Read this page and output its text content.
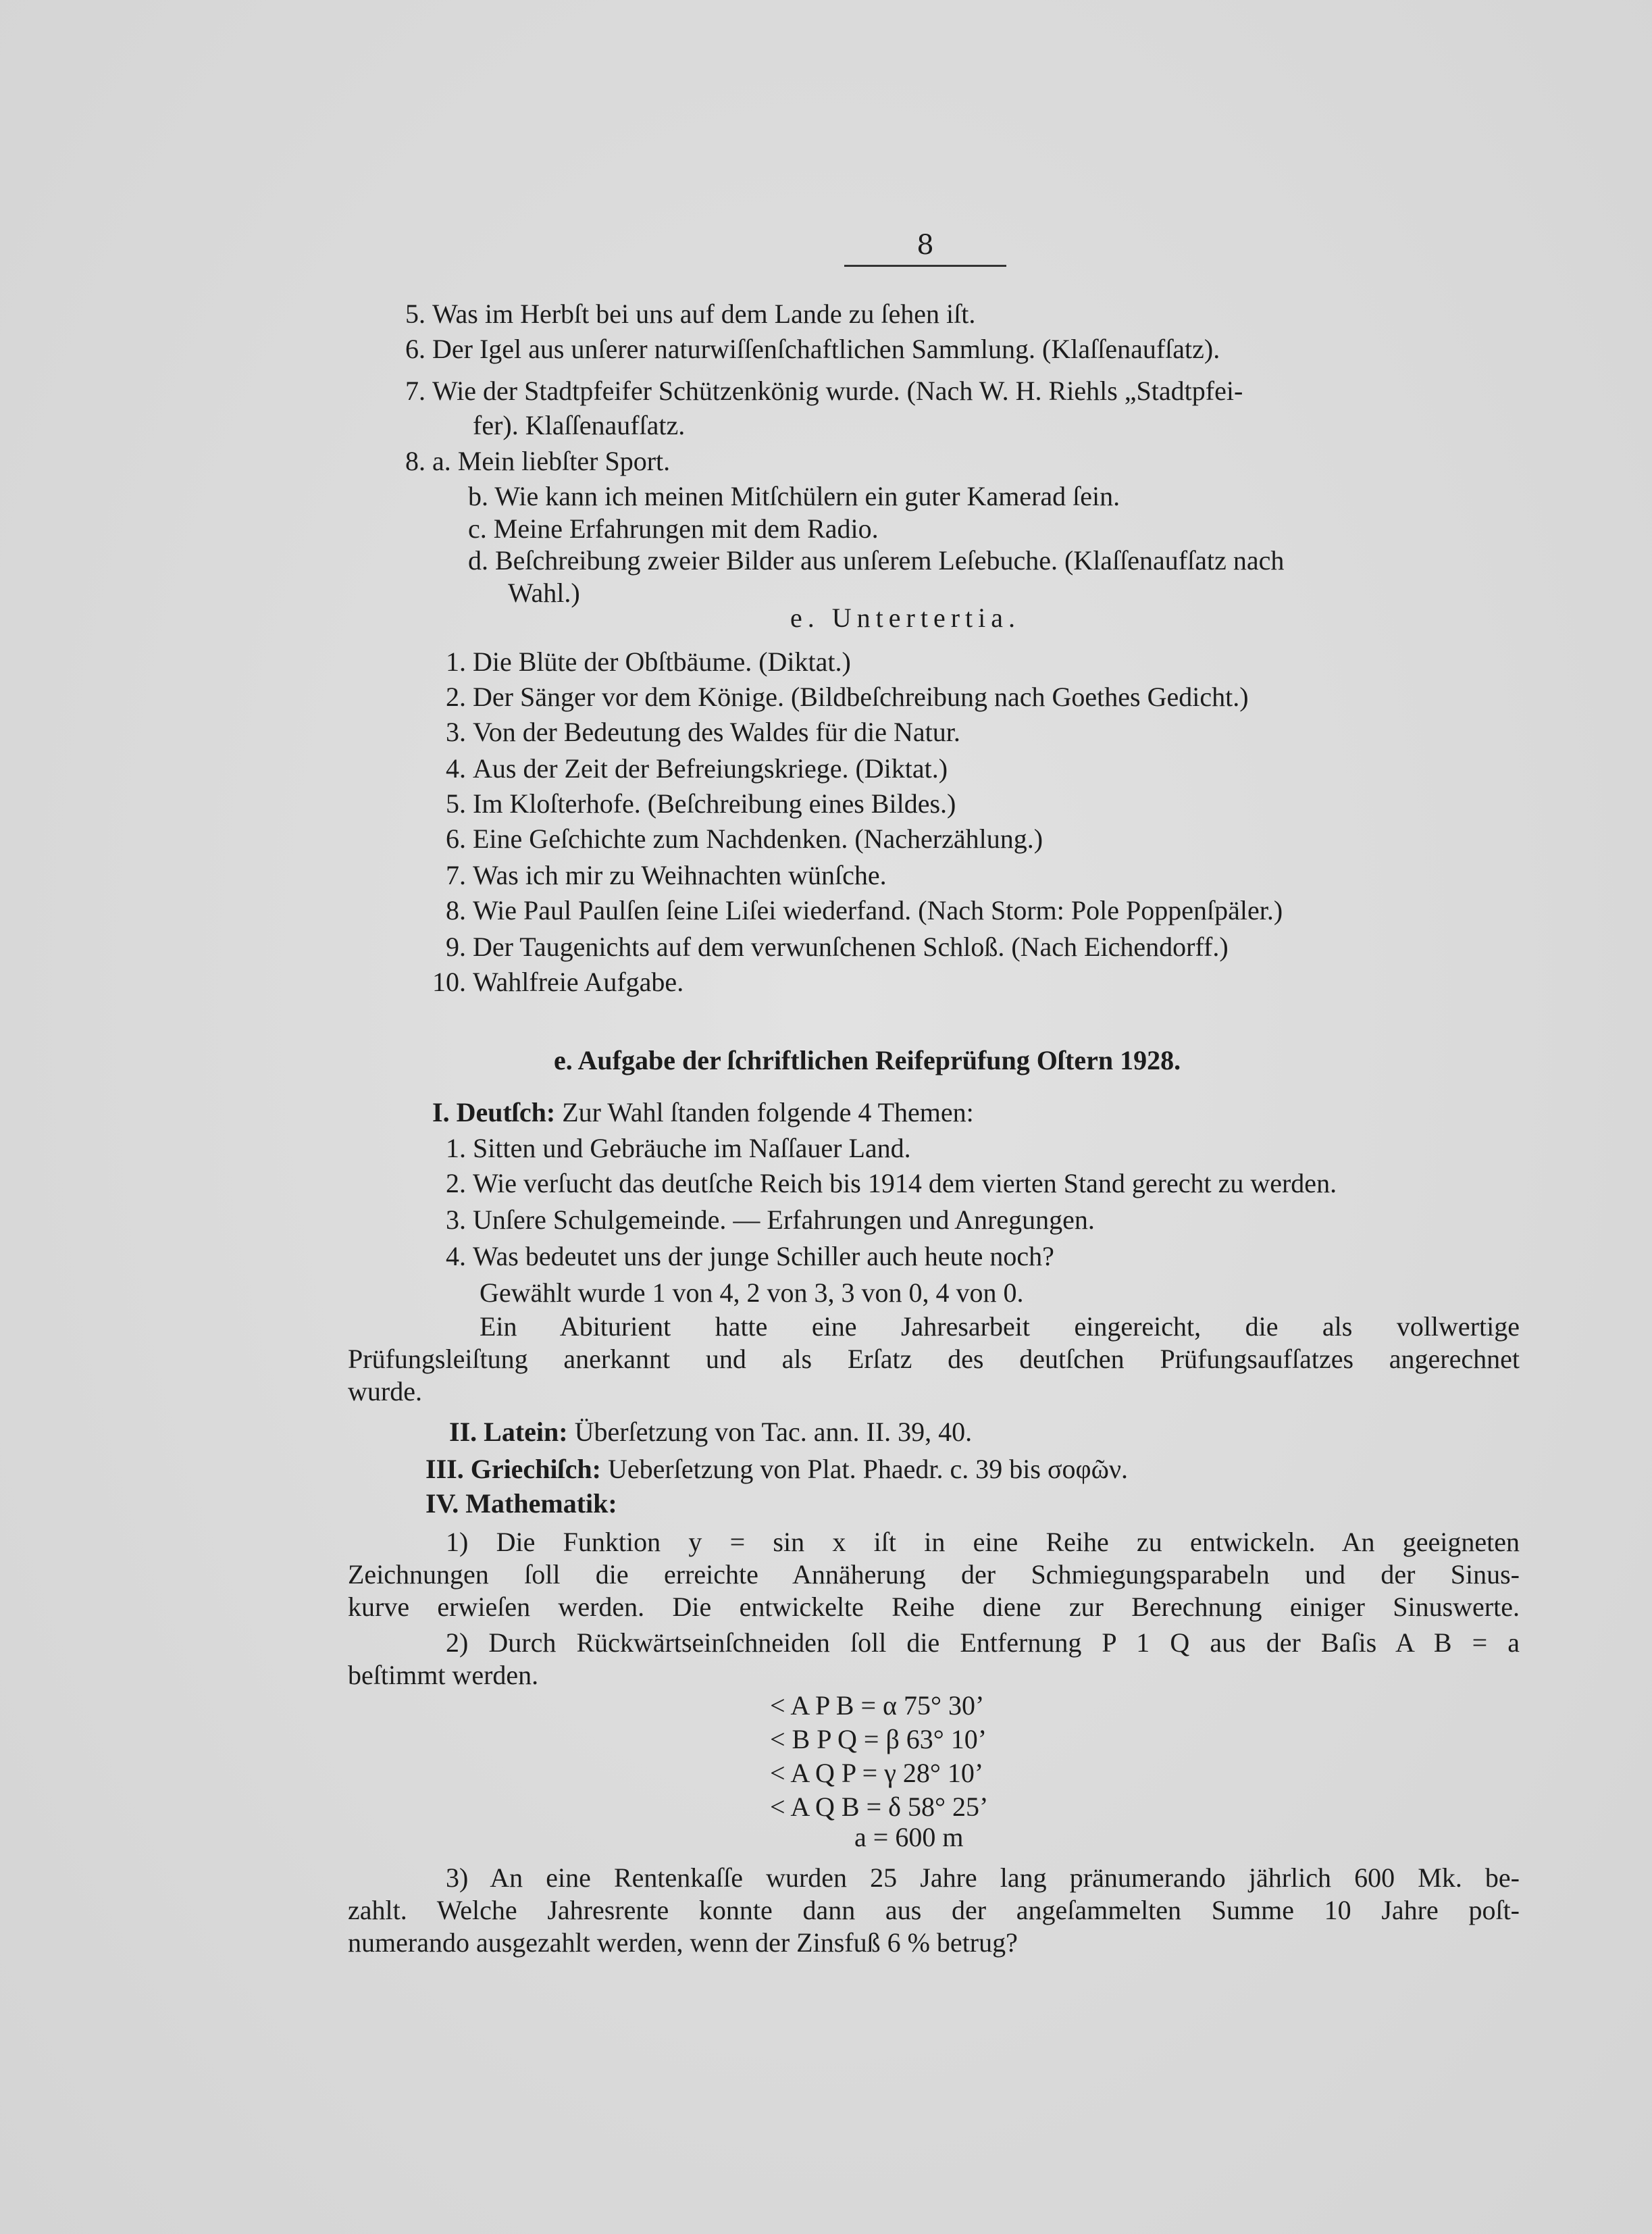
8
5. Was im Herbſt bei uns auf dem Lande zu ſehen iſt.
6. Der Igel aus unſerer naturwiſſenſchaftlichen Sammlung. (Klaſſenaufſatz).
7. Wie der Stadtpfeifer Schützenkönig wurde. (Nach W. H. Riehls „Stadtpfei-
fer). Klaſſenaufſatz.
8. a. Mein liebſter Sport.
b. Wie kann ich meinen Mitſchülern ein guter Kamerad ſein.
c. Meine Erfahrungen mit dem Radio.
d. Beſchreibung zweier Bilder aus unſerem Leſebuche. (Klaſſenaufſatz nach
Wahl.)
e. Untertertia.
1. Die Blüte der Obſtbäume. (Diktat.)
2. Der Sänger vor dem Könige. (Bildbeſchreibung nach Goethes Gedicht.)
3. Von der Bedeutung des Waldes für die Natur.
4. Aus der Zeit der Befreiungskriege. (Diktat.)
5. Im Kloſterhofe. (Beſchreibung eines Bildes.)
6. Eine Geſchichte zum Nachdenken. (Nacherzählung.)
7. Was ich mir zu Weihnachten wünſche.
8. Wie Paul Paulſen ſeine Liſei wiederfand. (Nach Storm: Pole Poppenſpäler.)
9. Der Taugenichts auf dem verwunſchenen Schloß. (Nach Eichendorff.)
10. Wahlfreie Aufgabe.
e. Aufgabe der ſchriftlichen Reifeprüfung Oſtern 1928.
I. Deutſch: Zur Wahl ſtanden folgende 4 Themen:
1. Sitten und Gebräuche im Naſſauer Land.
2. Wie verſucht das deutſche Reich bis 1914 dem vierten Stand gerecht zu werden.
3. Unſere Schulgemeinde. — Erfahrungen und Anregungen.
4. Was bedeutet uns der junge Schiller auch heute noch?
Gewählt wurde 1 von 4, 2 von 3, 3 von 0, 4 von 0.
Ein Abiturient hatte eine Jahresarbeit eingereicht, die als vollwertige
Prüfungsleiſtung anerkannt und als Erſatz des deutſchen Prüfungsaufſatzes angerechnet
wurde.
II. Latein: Überſetzung von Tac. ann. II. 39, 40.
III. Griechiſch: Ueberſetzung von Plat. Phaedr. c. 39 bis σοφῶν.
IV. Mathematik:
1) Die Funktion y = sin x iſt in eine Reihe zu entwickeln. An geeigneten
Zeichnungen ſoll die erreichte Annäherung der Schmiegungsparabeln und der Sinus-
kurve erwieſen werden. Die entwickelte Reihe diene zur Berechnung einiger Sinuswerte.
2) Durch Rückwärtseinſchneiden ſoll die Entfernung P 1 Q aus der Baſis A B = a
beſtimmt werden.
< A P B = α 75° 30’
< B P Q = β 63° 10’
< A Q P = γ 28° 10’
< A Q B = δ 58° 25’
a = 600 m
3) An eine Rentenkaſſe wurden 25 Jahre lang pränumerando jährlich 600 Mk. be-
zahlt. Welche Jahresrente konnte dann aus der angeſammelten Summe 10 Jahre poſt-
numerando ausgezahlt werden, wenn der Zinsfuß 6 % betrug?
